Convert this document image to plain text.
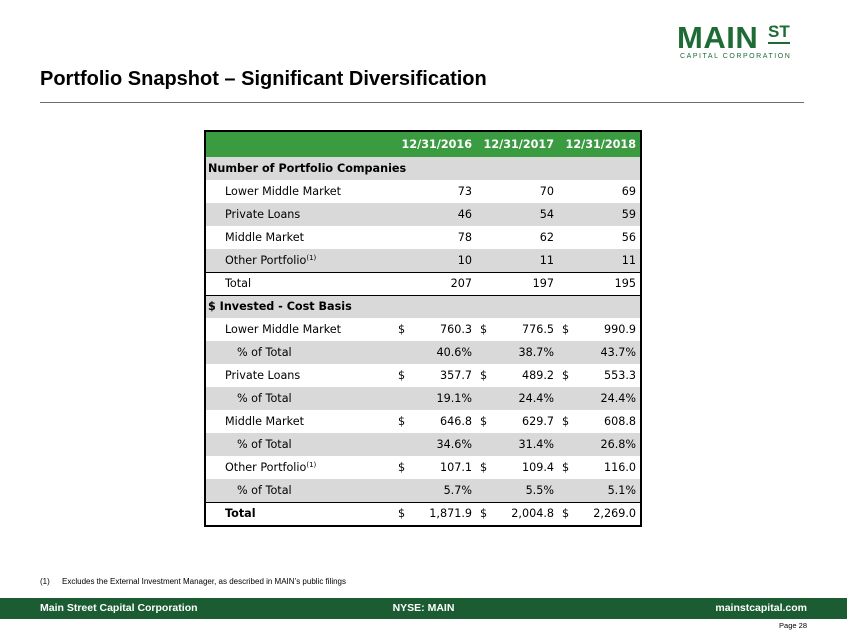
MAIN ST
CAPITAL CORPORATION
Portfolio Snapshot – Significant Diversification
	12/31/2016	12/31/2017	12/31/2018
Number of Portfolio Companies			
Lower Middle Market	73	70	69
Private Loans	46	54	59
Middle Market	78	62	56
Other Portfolio$^{(1)}$	10	11	11
Total	207	197	195
$ Invested - Cost Basis			
Lower Middle Market	$ 760.3	$ 776.5	$ 990.9

% of Total	40.6%	38.7%	43.7%
Private Loans	$ 357.7	$ 489.2	$ 553.3

% of Total	19.1%	24.4%	24.4%
Middle Market	$ 646.8	$ 629.7	$ 608.8

% of Total	34.6%	31.4%	26.8%
Other Portfolio$^{(1)}$	$ 107.1	$ 109.4	$ 116.0

% of Total	5.7%	5.5%	5.1%
Total	$ 1,871.9	$ 2,004.8	$ 2,269.0
(1) Excludes the External Investment Manager, as described in MAIN’s public filings
Main Street Capital Corporation	NYSE: MAIN	mainstcapital.com
Page 28
